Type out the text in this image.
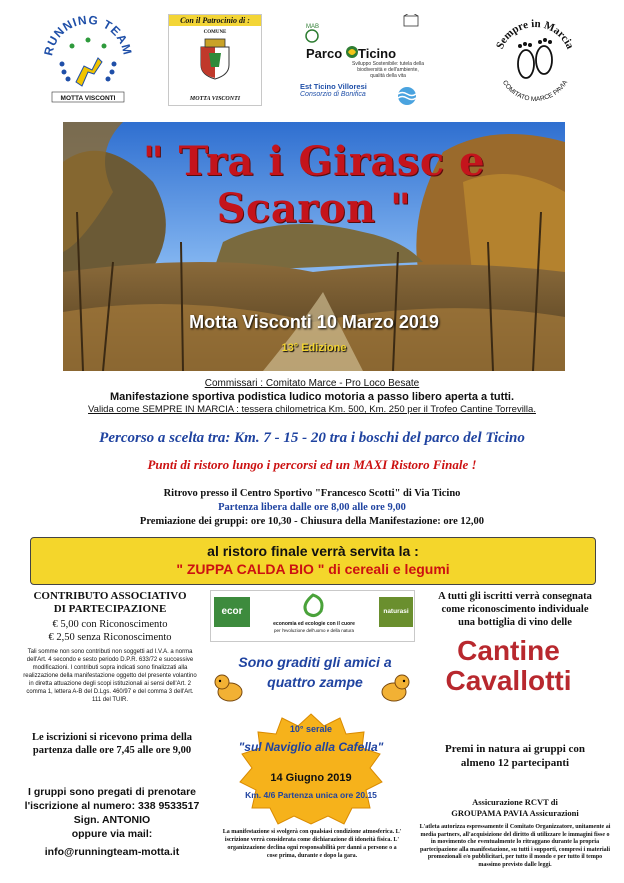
RUNNING TEAM
MOTTA VISCONTI
Con il Patrocinio di :
COMUNE
MOTTA VISCONTI
MAB
Parco Ticino
Sviluppo Sostenibile: tutela della biodiversità e dell'ambiente, qualità della vita
Est Ticino Villoresi
Consorzio di Bonifica
Sempre in Marcia
COMITATO MARCE PAVIA
" Tra i Girasc e Scaron "
Motta Visconti 10 Marzo 2019
13° Edizione
Commissari : Comitato Marce - Pro Loco Besate
Manifestazione sportiva podistica ludico motoria a passo libero aperta a tutti.
Valida come SEMPRE IN MARCIA : tessera chilometrica Km. 500, Km. 250 per il Trofeo Cantine Torrevilla.
Percorso a scelta tra: Km. 7 - 15 - 20 tra i boschi del parco del Ticino
Punti di ristoro lungo i percorsi ed un MAXI Ristoro Finale !
Ritrovo presso il Centro Sportivo "Francesco Scotti" di Via Ticino
Partenza libera dalle ore 8,00 alle ore 9,00
Premiazione dei gruppi: ore 10,30 - Chiusura della Manifestazione: ore 12,00
al ristoro finale verrà servita la :
" ZUPPA CALDA BIO " di cereali e legumi
CONTRIBUTO ASSOCIATIVO
DI PARTECIPAZIONE
€ 5,00 con Riconoscimento
€ 2,50 senza Riconoscimento
Tali somme non sono contributi non soggetti ad I.V.A. a norma dell'Art. 4 secondo e sesto periodo D.P.R. 633/72 e successive modificazioni. I contributi sopra indicati sono finalizzati alla realizzazione della manifestazione oggetto del presente volantino in diretta attuazione degli scopi istituzionali ai sensi dell'Art. 2 comma 1, lettera A-B del D.Lgs. 460/97 e del comma 3 dell'Art. 111 del TUIR.
Le iscrizioni si ricevono prima della
partenza dalle ore 7,45 alle ore 9,00
I gruppi sono pregati di prenotare
l'iscrizione al numero: 338 9533517
Sign. ANTONIO
oppure via mail:
info@runningteam-motta.it
ecor	naturasi
economia ed ecologie con il cuore
per l'evoluzione dell'uomo e della natura
Sono graditi gli amici a
quattro zampe
10° serale
"sul Naviglio alla Cafella"
14 Giugno 2019
Km. 4/6 Partenza unica ore 20.15
La manifestazione si svolgerà con qualsiasi condizione atmosferica. L' iscrizione verrà considerata come dichiarazione di idoneità fisica. L' organizzazione declina ogni responsabilità per danni a persone o a cose prima, durante e dopo la gara.
A tutti gli iscritti verrà consegnata
come riconoscimento individuale
una bottiglia di vino delle
Cantine
Cavallotti
Premi in natura ai gruppi con
almeno 12 partecipanti
Assicurazione RCVT di
GROUPAMA PAVIA Assicurazioni
L'atleta autorizza espressamente il Comitato Organizzatore, unitamente ai media partners, all'acquisizione del diritto di utilizzare le immagini fisse o in movimento che eventualmente lo ritraggano durante la propria partecipazione alla manifestazione, su tutti i supporti, compresi i materiali promozionali e/o pubblicitari, per tutto il mondo e per tutto il tempo massimo previsto dalle leggi.
